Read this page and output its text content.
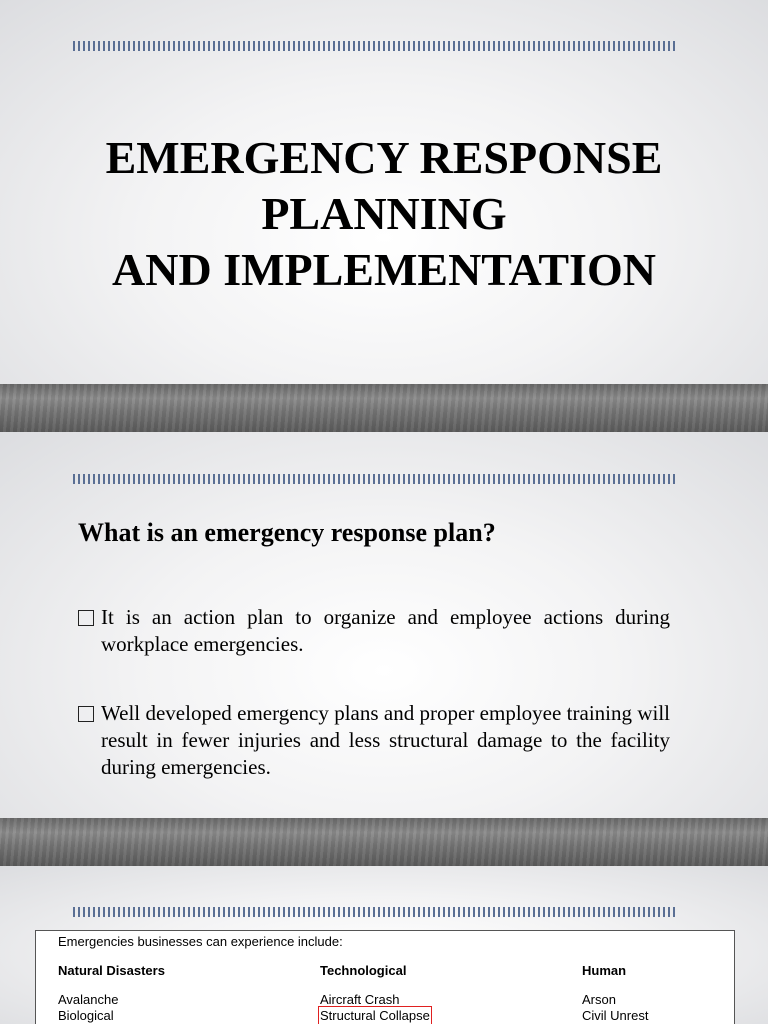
EMERGENCY RESPONSE
PLANNING
AND IMPLEMENTATION
What is an emergency response plan?
It is an action plan to organize and employee actions during workplace emergencies.
Well developed emergency plans and proper employee training will result in fewer injuries and less structural damage to the facility during emergencies.
Emergencies businesses can experience include:
Natural Disasters
Avalanche
Biological
Technological
Aircraft Crash
Structural Collapse
Human
Arson
Civil Unrest
